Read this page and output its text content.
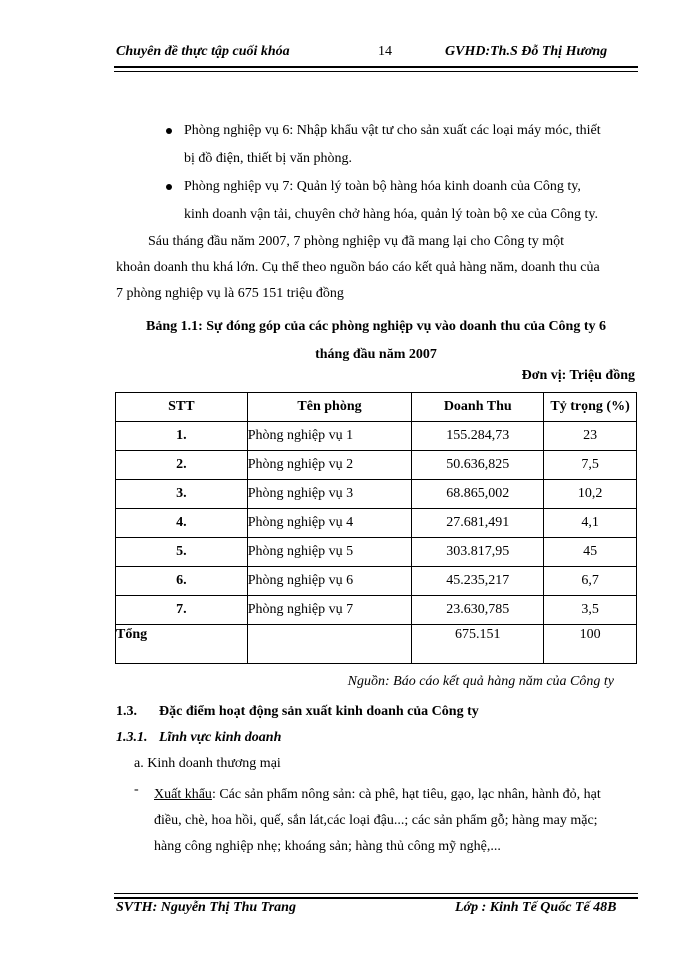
Chuyên đề thực tập cuối khóa	14	GVHD:Th.S Đỗ Thị Hương
Phòng nghiệp vụ 6: Nhập khẩu vật tư cho sản xuất các loại máy móc, thiết
bị đồ điện, thiết bị văn phòng.
Phòng nghiệp vụ 7: Quản lý toàn bộ hàng hóa kinh doanh của Công ty,
kinh doanh vận tải, chuyên chở hàng hóa, quản lý toàn bộ xe của Công ty.
Sáu tháng đầu năm 2007, 7 phòng nghiệp vụ đã mang lại cho Công ty một
khoản doanh thu khá lớn. Cụ thể theo nguồn báo cáo kết quả hàng năm, doanh thu của
7 phòng nghiệp vụ là 675 151 triệu đồng
Bảng 1.1: Sự đóng góp của các phòng nghiệp vụ vào doanh thu của Công ty 6
tháng đầu năm 2007
Đơn vị: Triệu đồng
STT	Tên phòng	Doanh Thu	Tỷ trọng (%)
1.	Phòng nghiệp vụ 1	155.284,73	23
2.	Phòng nghiệp vụ 2	50.636,825	7,5
3.	Phòng nghiệp vụ 3	68.865,002	10,2
4.	Phòng nghiệp vụ 4	27.681,491	4,1
5.	Phòng nghiệp vụ 5	303.817,95	45
6.	Phòng nghiệp vụ 6	45.235,217	6,7
7.	Phòng nghiệp vụ 7	23.630,785	3,5
Tổng		675.151	100
Nguồn: Báo cáo kết quả hàng năm của Công ty
1.3. Đặc điểm hoạt động sản xuất kinh doanh của Công ty
1.3.1. Lĩnh vực kinh doanh
a. Kinh doanh thương mại
- Xuất khẩu: Các sản phẩm nông sản: cà phê, hạt tiêu, gạo, lạc nhân, hành đỏ, hạt
điều, chè, hoa hồi, quế, sắn lát,các loại đậu...; các sản phẩm gỗ; hàng may mặc;
hàng công nghiệp nhẹ; khoáng sản; hàng thủ công mỹ nghệ,...
SVTH: Nguyễn Thị Thu Trang	Lớp : Kinh Tế Quốc Tế 48B
